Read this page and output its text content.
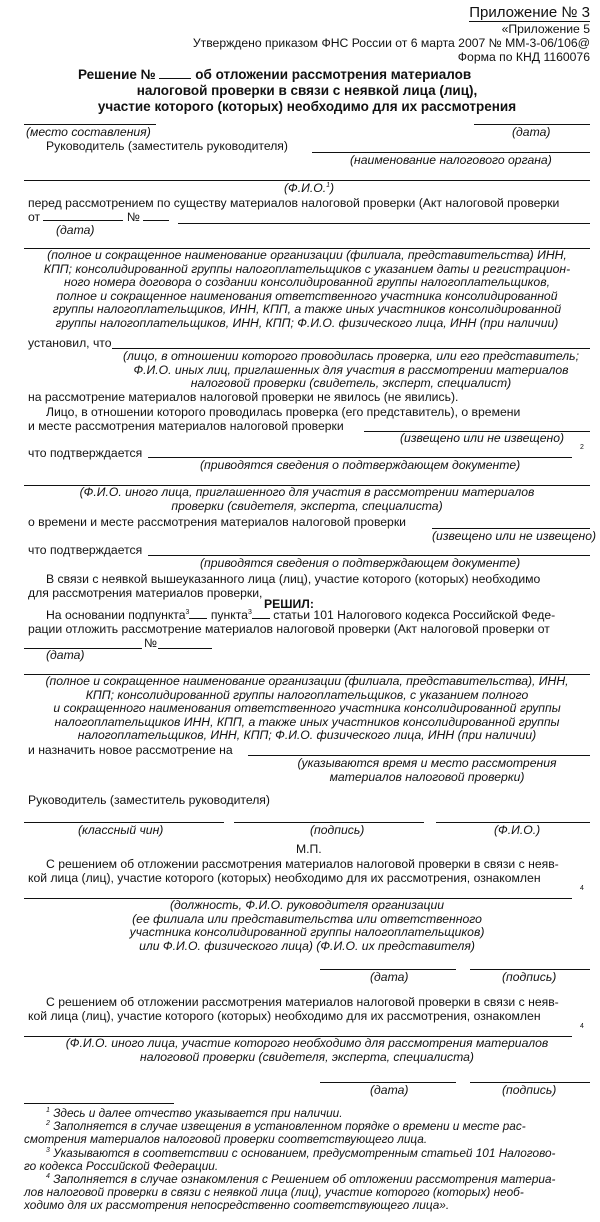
Приложение № 3
«Приложение 5
Утверждено приказом ФНС России от 6 марта 2007 № ММ-3-06/106@
Форма по КНД 1160076
Решение №	об отложении рассмотрения материалов
налоговой проверки в связи с неявкой лица (лиц),
участие которого (которых) необходимо для их рассмотрения
(место составления)	(дата)
Руководитель (заместитель руководителя)
(наименование налогового органа)
(Ф.И.О.$^1$)
перед рассмотрением по существу материалов налоговой проверки (Акт налоговой проверки
от	№
(дата)
(полное и сокращенное наименование организации (филиала, представительства) ИНН,
КПП; консолидированной группы налогоплательщиков с указанием даты и регистрацион-
ного номера договора о создании консолидированной группы налогоплательщиков,
полное и сокращенное наименования ответственного участника консолидированной
группы налогоплательщиков, ИНН, КПП, а также иных участников консолидированной
группы налогоплательщиков, ИНН, КПП; Ф.И.О. физического лица, ИНН (при наличии)
установил, что
(лицо, в отношении которого проводилась проверка, или его представитель;
Ф.И.О. иных лиц, приглашенных для участия в рассмотрении материалов
налоговой проверки (свидетель, эксперт, специалист)
на рассмотрение материалов налоговой проверки не явилось (не явились).
Лицо, в отношении которого проводилась проверка (его представитель), о времени
и месте рассмотрения материалов налоговой проверки
(извещено или не извещено)
что подтверждается	2
(приводятся сведения о подтверждающем документе)
(Ф.И.О. иного лица, приглашенного для участия в рассмотрении материалов
проверки (свидетеля, эксперта, специалиста)
о времени и месте рассмотрения материалов налоговой проверки
(извещено или не извещено)
что подтверждается
(приводятся сведения о подтверждающем документе)
В связи с неявкой вышеуказанного лица (лиц), участие которого (которых) необходимо
для рассмотрения материалов проверки,
РЕШИЛ:
На основании подпункта$^3$ пункта$^3$ статьи 101 Налогового кодекса Российской Феде-
рации отложить рассмотрение материалов налоговой проверки (Акт налоговой проверки от
№
(дата)
(полное и сокращенное наименование организации (филиала, представительства), ИНН,
КПП; консолидированной группы налогоплательщиков, с указанием полного
и сокращенного наименования ответственного участника консолидированной группы
налогоплательщиков ИНН, КПП, а также иных участников консолидированной группы
налогоплательщиков, ИНН, КПП; Ф.И.О. физического лица, ИНН (при наличии)
и назначить новое рассмотрение на
(указываются время и место рассмотрения
материалов налоговой проверки)
Руководитель (заместитель руководителя)
(классный чин)	(подпись)	(Ф.И.О.)
М.П.
С решением об отложении рассмотрения материалов налоговой проверки в связи с неяв-
кой лица (лиц), участие которого (которых) необходимо для их рассмотрения, ознакомлен
4
(должность, Ф.И.О. руководителя организации
(ее филиала или представительства или ответственного
участника консолидированной группы налогоплательщиков)
или Ф.И.О. физического лица) (Ф.И.О. их представителя)
(дата)	(подпись)
С решением об отложении рассмотрения материалов налоговой проверки в связи с неяв-
кой лица (лиц), участие которого (которых) необходимо для их рассмотрения, ознакомлен
4
(Ф.И.О. иного лица, участие которого необходимо для рассмотрения материалов
налоговой проверки (свидетеля, эксперта, специалиста)
(дата)	(подпись)
$^1$ Здесь и далее отчество указывается при наличии.
$^2$ Заполняется в случае извещения в установленном порядке о времени и месте рас-
смотрения материалов налоговой проверки соответствующего лица.
$^3$ Указываются в соответствии с основанием, предусмотренным статьей 101 Налогово-
го кодекса Российской Федерации.
$^4$ Заполняется в случае ознакомления с Решением об отложении рассмотрения материа-
лов налоговой проверки в связи с неявкой лица (лиц), участие которого (которых) необ-
ходимо для их рассмотрения непосредственно соответствующего лица».
